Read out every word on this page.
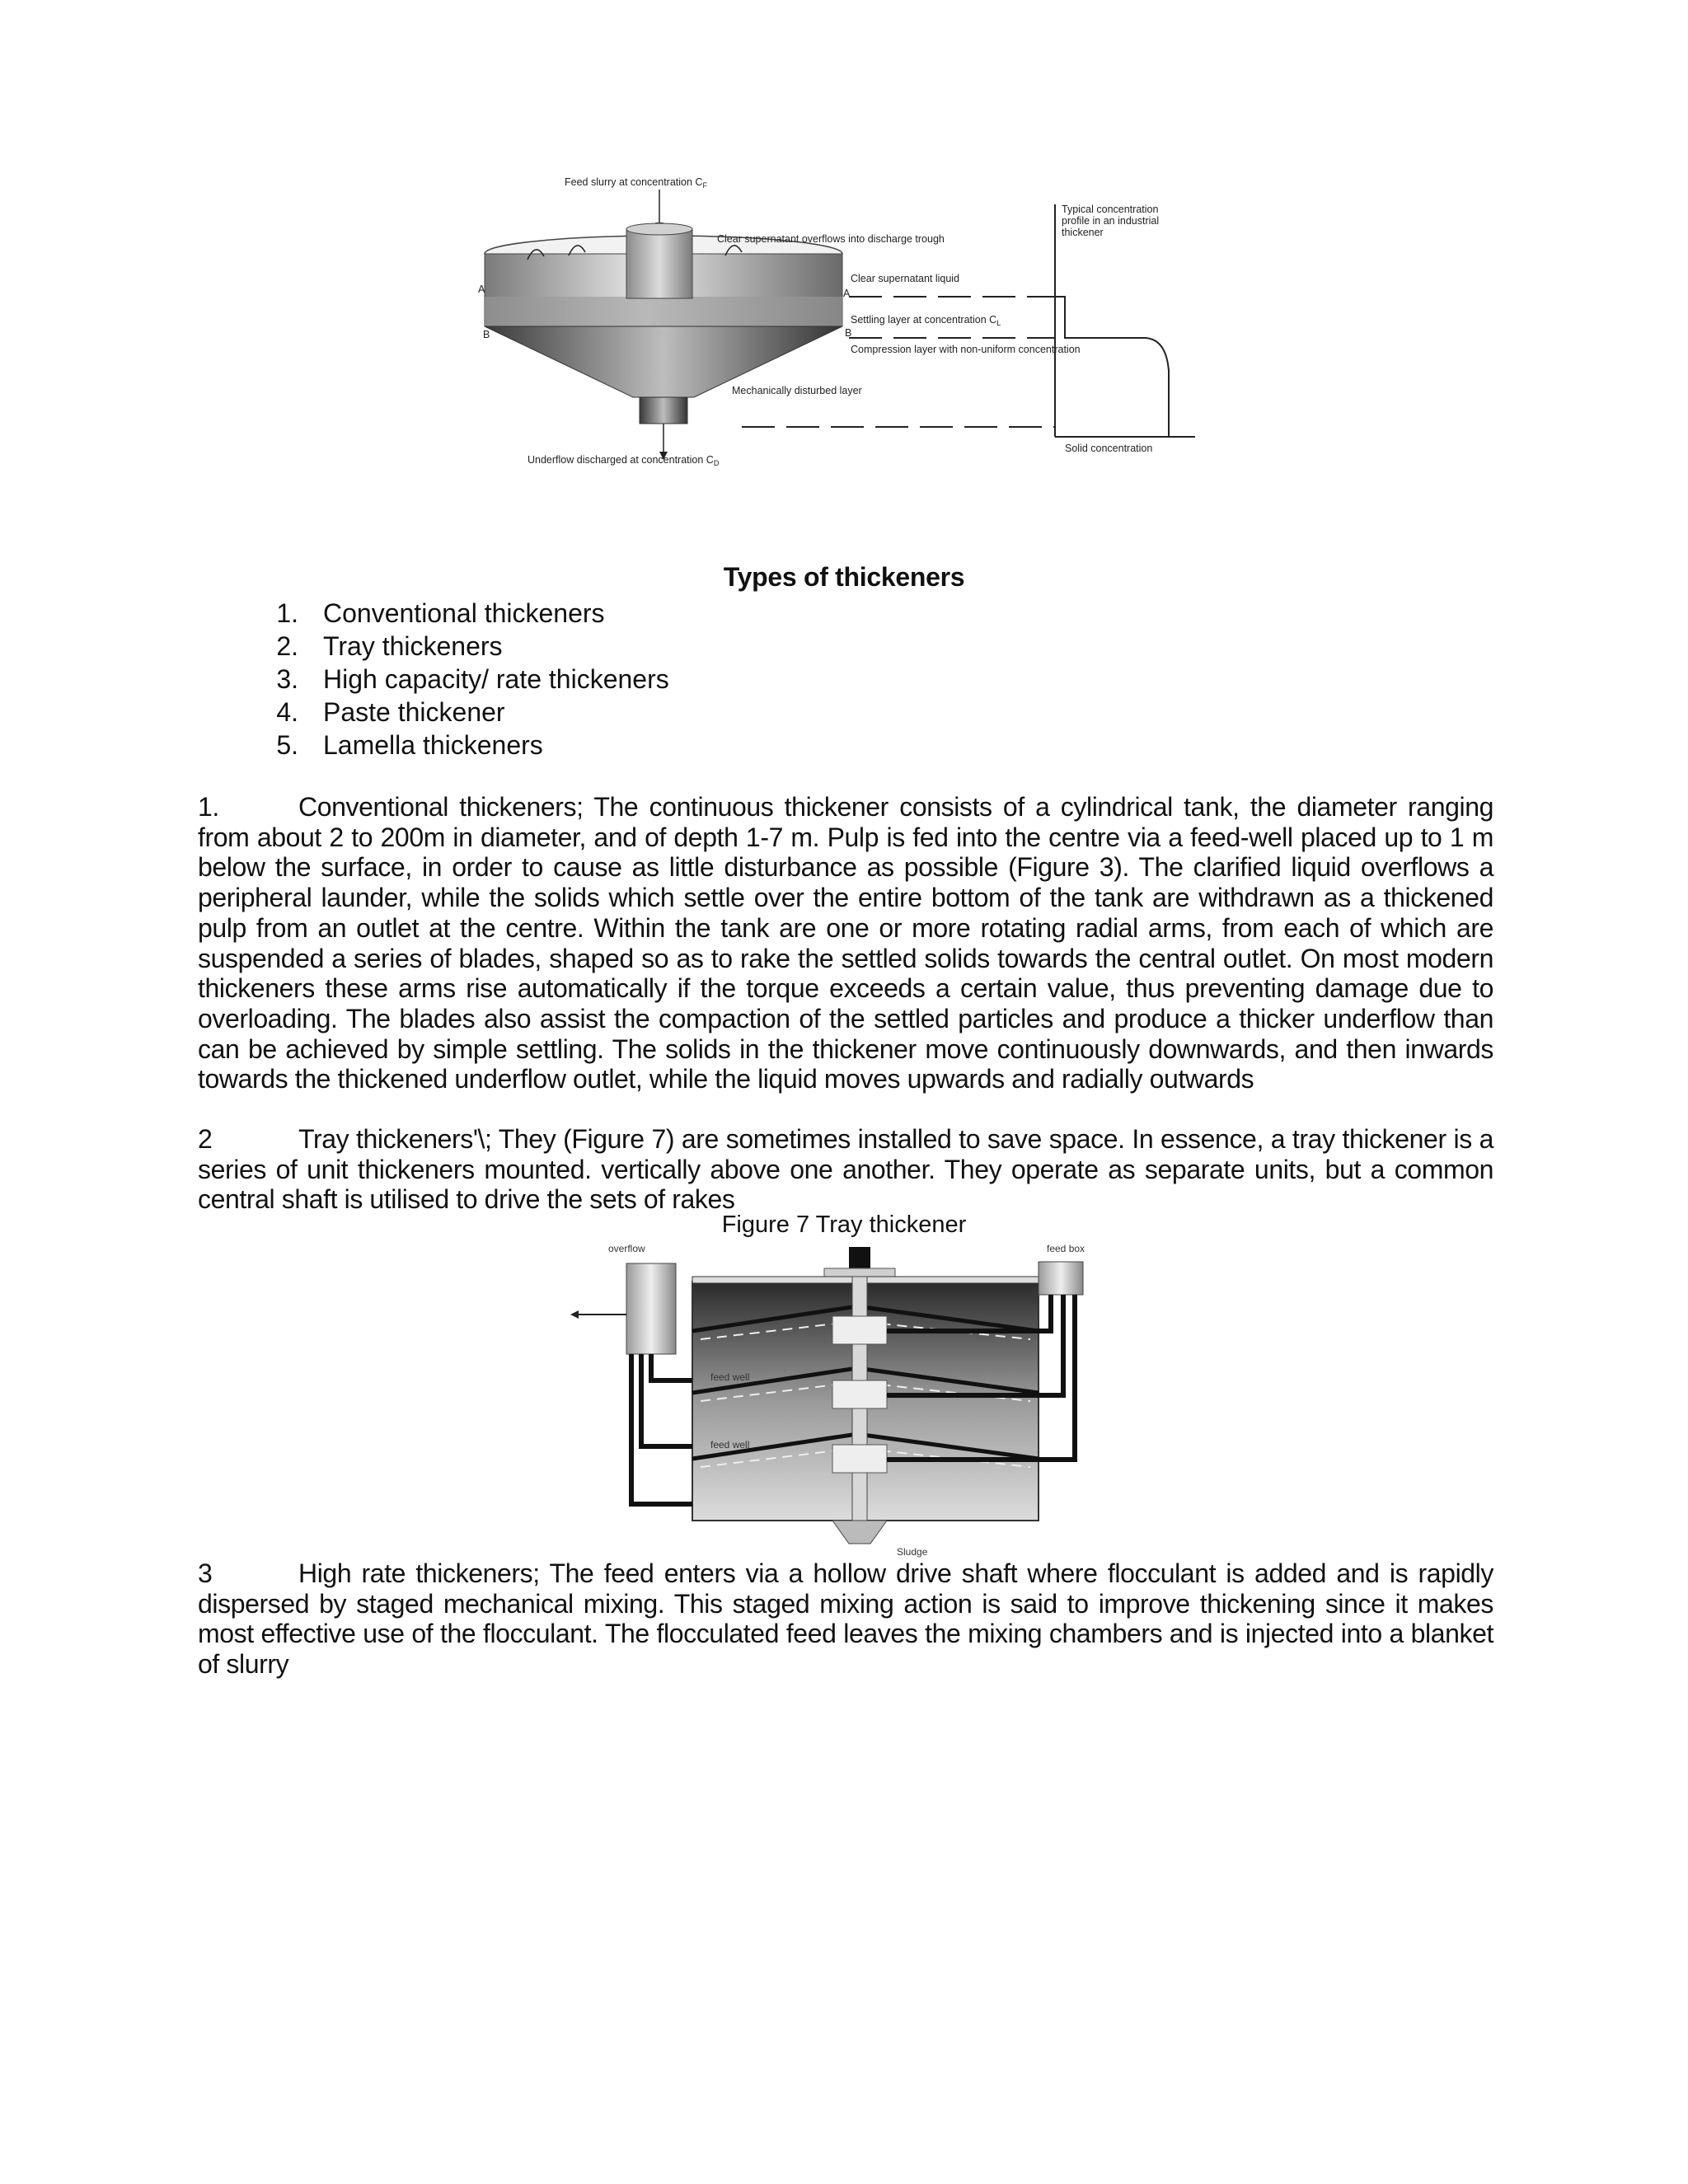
Feed slurry at concentration $C_F$
A	A
B	B
Clear supernatant overflows into discharge trough
Clear supernatant liquid
Settling layer at concentration $C_L$
Compression layer with non-uniform concentration
Mechanically disturbed layer
Underflow discharged at concentration $C_D$
Typical concentration
profile in an industrial
thickener
Solid concentration
Types of thickeners
1. Conventional thickeners
2. Tray thickeners
3. High capacity/ rate thickeners
4. Paste thickener
5. Lamella thickeners

1.	Conventional thickeners; The continuous thickener consists of a cylindrical tank, the diameter ranging from about 2 to 200m in diameter, and of depth 1-7 m. Pulp is fed into the centre via a feed-well placed up to 1 m below the surface, in order to cause as little disturbance as possible (Figure 3). The clarified liquid overflows a peripheral launder, while the solids which settle over the entire bottom of the tank are withdrawn as a thickened pulp from an outlet at the centre. Within the tank are one or more rotating radial arms, from each of which are suspended a series of blades, shaped so as to rake the settled solids towards the central outlet. On most modern thickeners these arms rise automatically if the torque exceeds a certain value, thus preventing damage due to overloading. The blades also assist the compaction of the settled particles and produce a thicker underflow than can be achieved by simple settling. The solids in the thickener move continuously downwards, and then inwards towards the thickened underflow outlet, while the liquid moves upwards and radially outwards

2	Tray thickeners'\; They (Figure 7) are sometimes installed to save space. In essence, a tray thickener is a series of unit thickeners mounted. vertically above one another. They operate as separate units, but a common central shaft is utilised to drive the sets of rakes

Figure 7 Tray thickener

overflow	feed box
Sludge
feed well
feed well

3	High rate thickeners; The feed enters via a hollow drive shaft where flocculant is added and is rapidly dispersed by staged mechanical mixing. This staged mixing action is said to improve thickening since it makes most effective use of the flocculant. The flocculated feed leaves the mixing chambers and is injected into a blanket of slurry
